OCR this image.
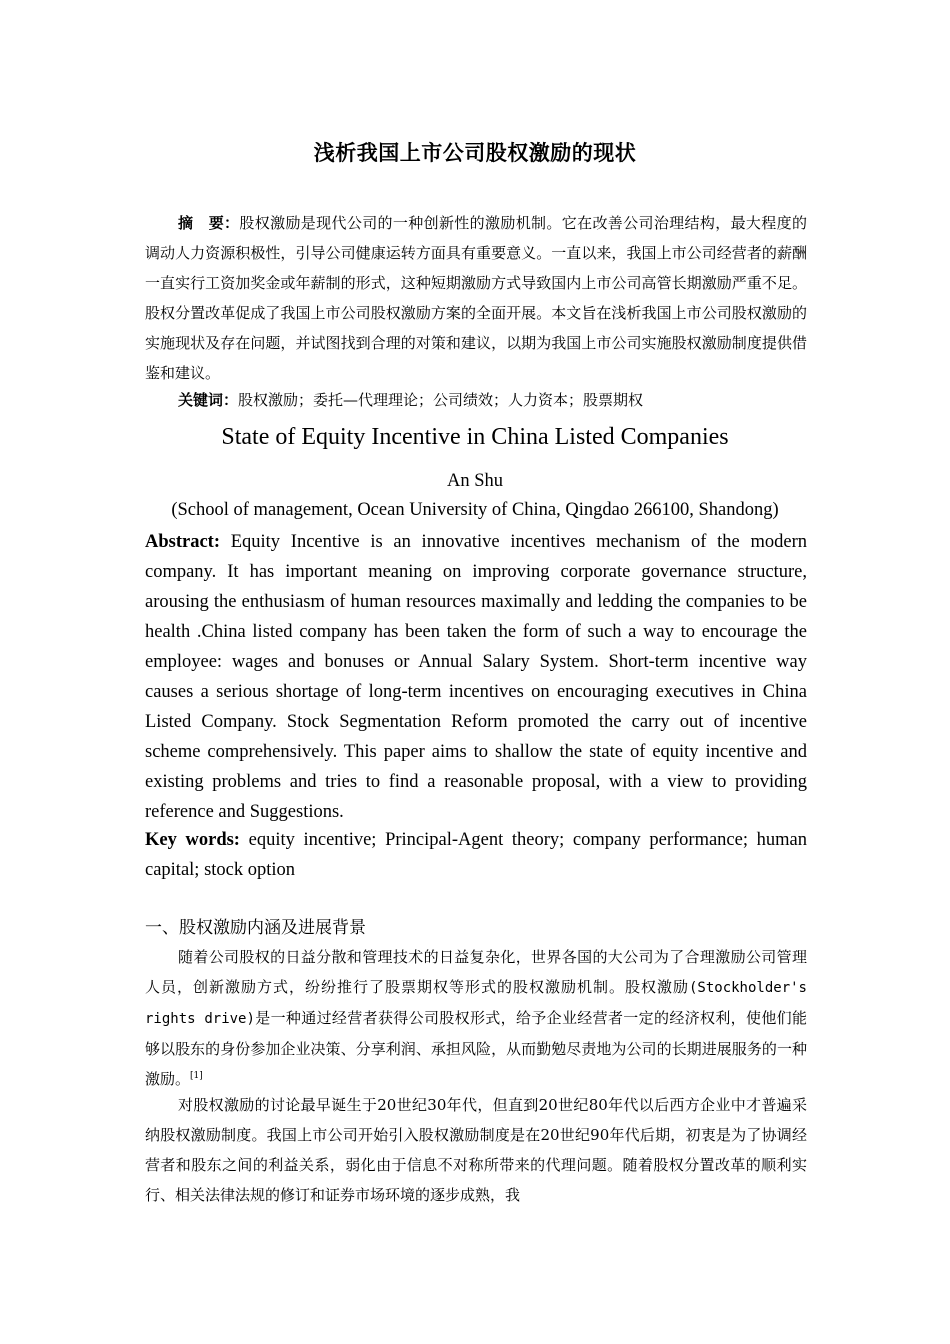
浅析我国上市公司股权激励的现状

摘　要：股权激励是现代公司的一种创新性的激励机制。它在改善公司治理结构，最大程度的调动人力资源积极性，引导公司健康运转方面具有重要意义。一直以来，我国上市公司经营者的薪酬一直实行工资加奖金或年薪制的形式，这种短期激励方式导致国内上市公司高管长期激励严重不足。股权分置改革促成了我国上市公司股权激励方案的全面开展。本文旨在浅析我国上市公司股权激励的实施现状及存在问题，并试图找到合理的对策和建议，以期为我国上市公司实施股权激励制度提供借鉴和建议。

关键词：股权激励；委托—代理理论；公司绩效；人力资本；股票期权

State of Equity Incentive in China Listed Companies
An Shu
(School of management, Ocean University of China, Qingdao 266100, Shandong)

Abstract: Equity Incentive is an innovative incentives mechanism of the modern company. It has important meaning on improving corporate governance structure, arousing the enthusiasm of human resources maximally and ledding the companies to be health .China listed company has been taken the form of such a way to encourage the employee: wages and bonuses or Annual Salary System. Short-term incentive way causes a serious shortage of long-term incentives on encouraging executives in China Listed Company. Stock Segmentation Reform promoted the carry out of incentive scheme comprehensively. This paper aims to shallow the state of equity incentive and existing problems and tries to find a reasonable proposal, with a view to providing reference and Suggestions.

Key words: equity incentive; Principal-Agent theory; company performance; human capital; stock option

一、股权激励内涵及进展背景

随着公司股权的日益分散和管理技术的日益复杂化，世界各国的大公司为了合理激励公司管理人员，创新激励方式，纷纷推行了股票期权等形式的股权激励机制。股权激励(Stockholder's rights drive)是一种通过经营者获得公司股权形式，给予企业经营者一定的经济权利，使他们能够以股东的身份参加企业决策、分享利润、承担风险，从而勤勉尽责地为公司的长期进展服务的一种激励。[1]

对股权激励的讨论最早诞生于20世纪30年代，但直到20世纪80年代以后西方企业中才普遍采纳股权激励制度。我国上市公司开始引入股权激励制度是在20世纪90年代后期，初衷是为了协调经营者和股东之间的利益关系，弱化由于信息不对称所带来的代理问题。随着股权分置改革的顺利实行、相关法律法规的修订和证券市场环境的逐步成熟，我
